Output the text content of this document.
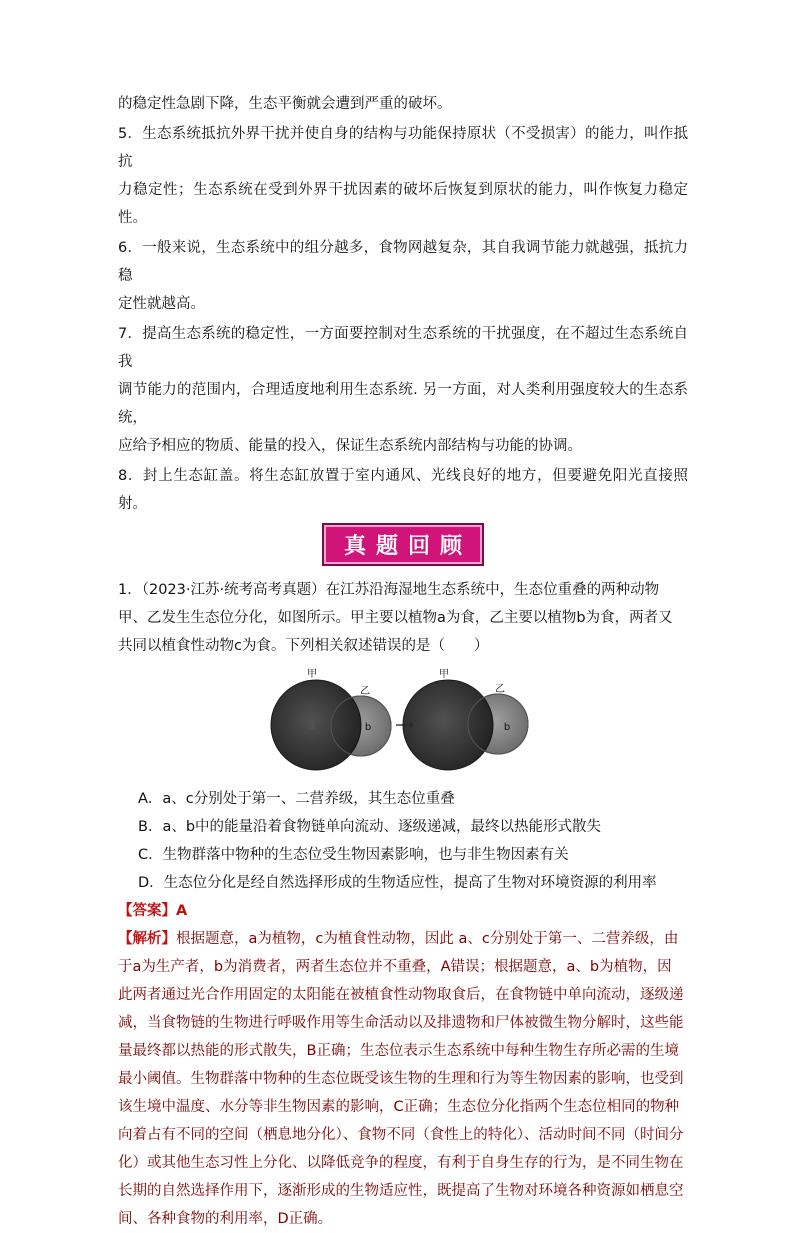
的稳定性急剧下降，生态平衡就会遭到严重的破坏。

5．生态系统抵抗外界干扰并使自身的结构与功能保持原状（不受损害）的能力，叫作抵抗

力稳定性；生态系统在受到外界干扰因素的破坏后恢复到原状的能力，叫作恢复力稳定性。

6．一般来说，生态系统中的组分越多，食物网越复杂，其自我调节能力就越强，抵抗力稳

定性就越高。

7．提高生态系统的稳定性，一方面要控制对生态系统的干扰强度，在不超过生态系统自我

调节能力的范围内，合理适度地利用生态系统. 另一方面，对人类利用强度较大的生态系统，

应给予相应的物质、能量的投入，保证生态系统内部结构与功能的协调。

8．封上生态缸盖。将生态缸放置于室内通风、光线良好的地方，但要避免阳光直接照射。

真题回顾

1．（2023·江苏·统考高考真题）在江苏沿海湿地生态系统中，生态位重叠的两种动物

甲、乙发生生态位分化，如图所示。甲主要以植物a为食，乙主要以植物b为食，两者又

共同以植食性动物c为食。下列相关叙述错误的是（　　）

甲
乙
a	b
甲
乙
b

A．a、c分别处于第一、二营养级，其生态位重叠

B．a、b中的能量沿着食物链单向流动、逐级递减，最终以热能形式散失

C．生物群落中物种的生态位受生物因素影响，也与非生物因素有关

D．生态位分化是经自然选择形成的生物适应性，提高了生物对环境资源的利用率

【答案】A

【解析】根据题意，a为植物，c为植食性动物，因此 a、c分别处于第一、二营养级，由

于a为生产者，b为消费者，两者生态位并不重叠，A错误；根据题意，a、b为植物，因

此两者通过光合作用固定的太阳能在被植食性动物取食后，在食物链中单向流动，逐级递

减，当食物链的生物进行呼吸作用等生命活动以及排遗物和尸体被微生物分解时，这些能

量最终都以热能的形式散失，B正确；生态位表示生态系统中每种生物生存所必需的生境

最小阈值。生物群落中物种的生态位既受该生物的生理和行为等生物因素的影响，也受到

该生境中温度、水分等非生物因素的影响，C正确；生态位分化指两个生态位相同的物种

向着占有不同的空间（栖息地分化）、食物不同（食性上的特化）、活动时间不同（时间分

化）或其他生态习性上分化、以降低竞争的程度，有利于自身生存的行为，是不同生物在

长期的自然选择作用下，逐渐形成的生物适应性，既提高了生物对环境各种资源如栖息空

间、各种食物的利用率，D正确。
